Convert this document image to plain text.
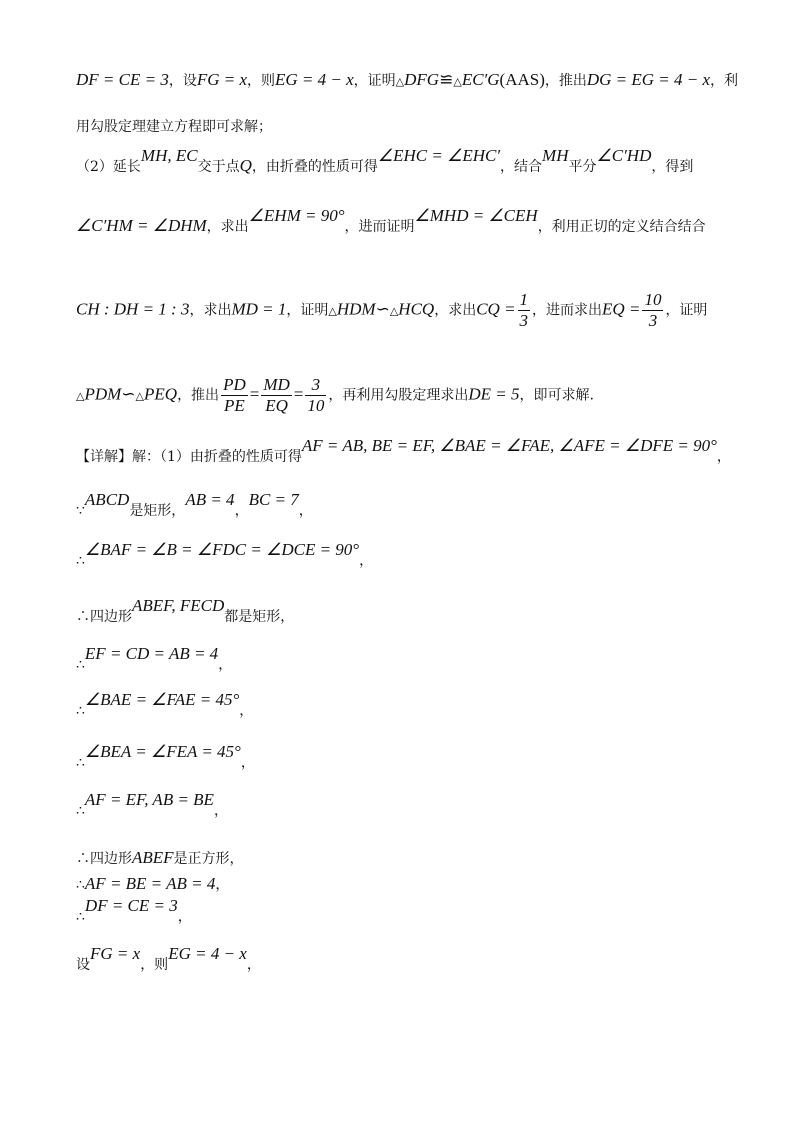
DF = CE = 3，设FG = x，则EG = 4 − x，证明△DFG≌△EC′G(AAS)，推出DG = EG = 4 − x，利
用勾股定理建立方程即可求解；
（2）延长MH, EC交于点Q，由折叠的性质可得∠EHC = ∠EHC′，结合MH平分∠C′HD，得到
∠C′HM = ∠DHM，求出∠EHM = 90°，进而证明∠MHD = ∠CEH，利用正切的定义结合结合
CH : DH = 1 : 3，求出MD = 1，证明△HDM∽△HCQ，求出CQ = $\frac{1}{3}$ ，进而求出EQ = $\frac{10}{3}$ ，证明
△PDM∽△PEQ，推出 $\frac{PD}{PE} = \frac{MD}{EQ} = \frac{3}{10}$ ，再利用勾股定理求出DE = 5，即可求解.
【详解】解：（1）由折叠的性质可得AF = AB, BE = EF, ∠BAE = ∠FAE, ∠AFE = ∠DFE = 90°，
∵ABCD是矩形，AB = 4，BC = 7，
∴∠BAF = ∠B = ∠FDC = ∠DCE = 90°，
∴四边形ABEF, FECD都是矩形，
∴EF = CD = AB = 4，
∴∠BAE = ∠FAE = 45°，
∴∠BEA = ∠FEA = 45°，
∴AF = EF, AB = BE，
∴四边形ABEF是正方形，
∴AF = BE = AB = 4，
∴DF = CE = 3，
设FG = x，则EG = 4 − x，
